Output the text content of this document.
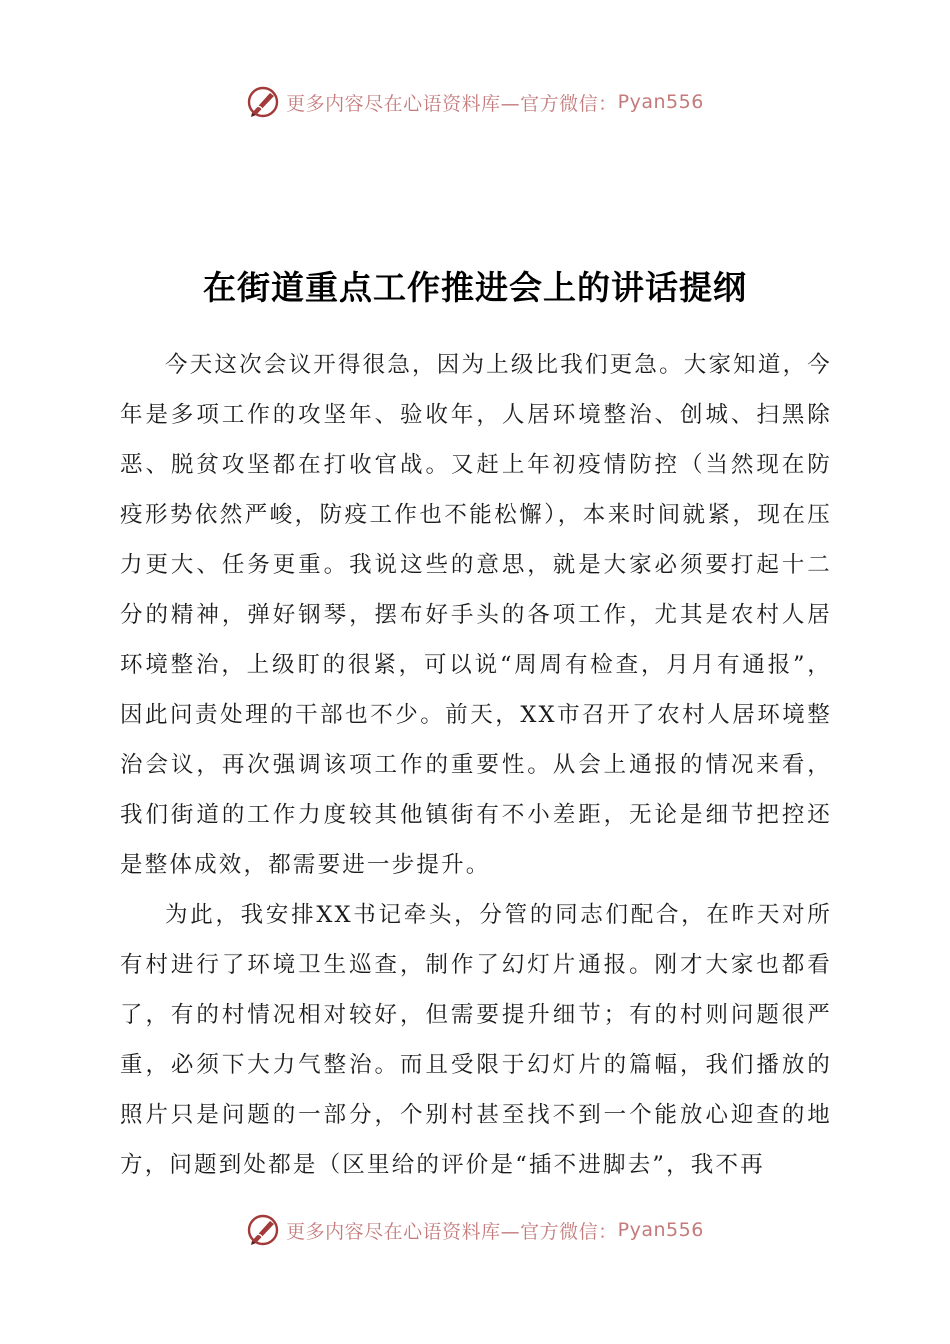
更多内容尽在心语资料库—官方微信： Pyan556
在街道重点工作推进会上的讲话提纲

今天这次会议开得很急，因为上级比我们更急。大家知道，今年是多项工作的攻坚年、验收年，人居环境整治、创城、扫黑除恶、脱贫攻坚都在打收官战。又赶上年初疫情防控（当然现在防疫形势依然严峻，防疫工作也不能松懈），本来时间就紧，现在压力更大、任务更重。我说这些的意思，就是大家必须要打起十二分的精神，弹好钢琴，摆布好手头的各项工作，尤其是农村人居环境整治，上级盯的很紧，可以说“周周有检查，月月有通报”，因此问责处理的干部也不少。前天，XX市召开了农村人居环境整治会议，再次强调该项工作的重要性。从会上通报的情况来看，我们街道的工作力度较其他镇街有不小差距，无论是细节把控还是整体成效，都需要进一步提升。

为此，我安排XX书记牵头，分管的同志们配合，在昨天对所有村进行了环境卫生巡查，制作了幻灯片通报。刚才大家也都看了，有的村情况相对较好，但需要提升细节；有的村则问题很严重，必须下大力气整治。而且受限于幻灯片的篇幅，我们播放的照片只是问题的一部分，个别村甚至找不到一个能放心迎查的地方，问题到处都是（区里给的评价是“插不进脚去”，我不再

更多内容尽在心语资料库—官方微信： Pyan556
